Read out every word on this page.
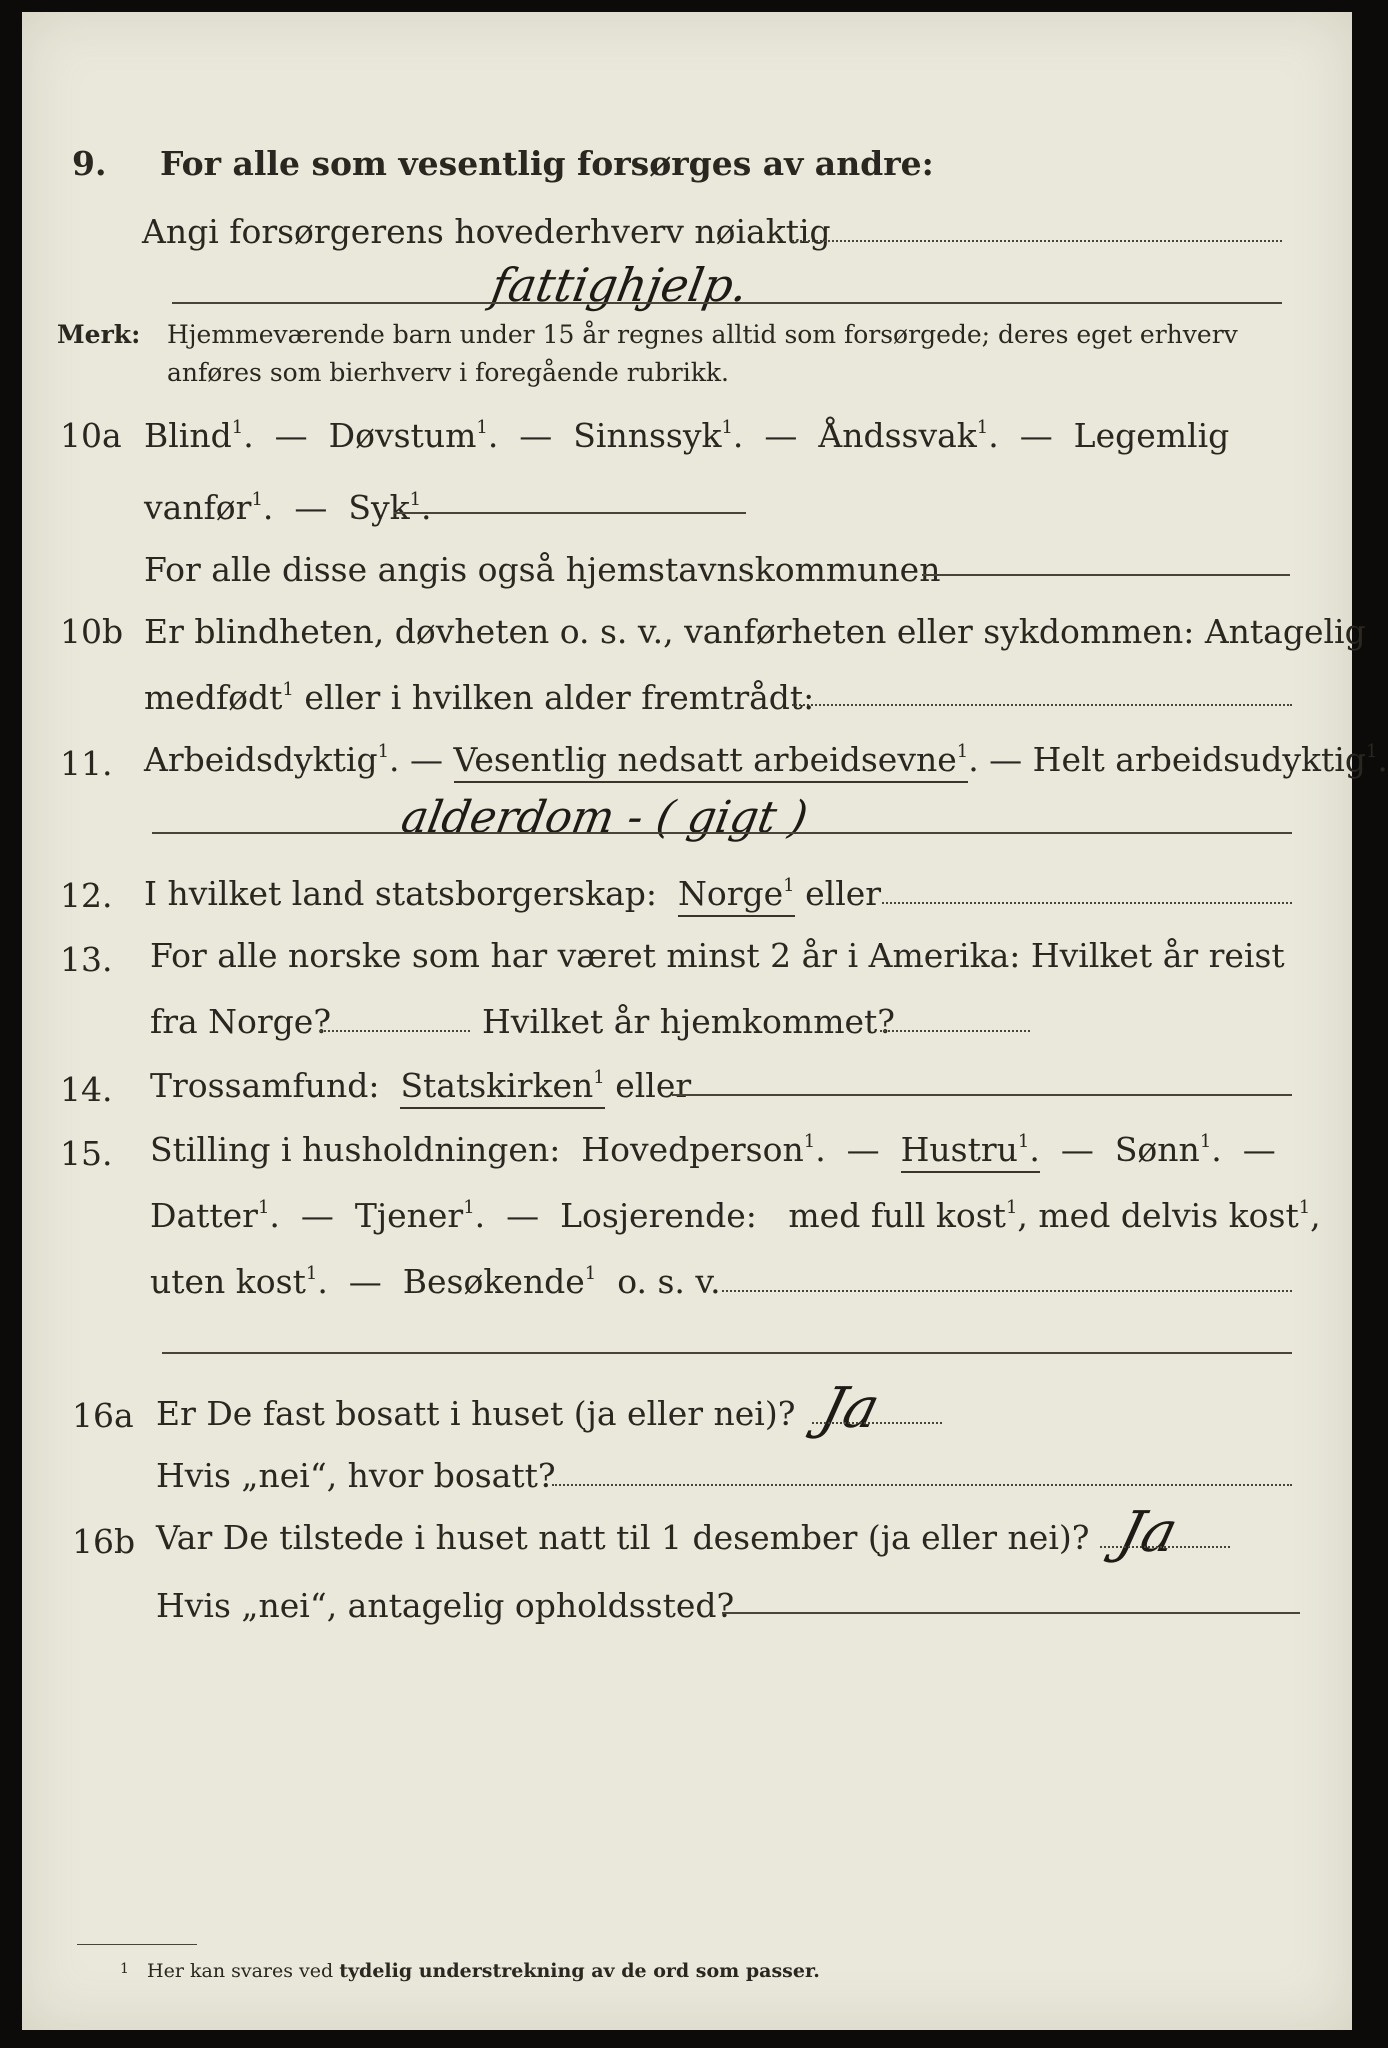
9. For alle som vesentlig forsørges av andre:
Angi forsørgerens hovederhverv nøiaktig
fattighjelp.
Merk: Hjemmeværende barn under 15 år regnes alltid som forsørgede; deres eget erhverv
anføres som bierhverv i foregående rubrikk.
10a Blind$^1$.  —  Døvstum$^1$.  —  Sinnssyk$^1$.  —  Åndssvak$^1$.  —  Legemlig
vanfør$^1$.  —  Syk$^1$.
For alle disse angis også hjemstavnskommunen
10b Er blindheten, døvheten o. s. v., vanførheten eller sykdommen: Antagelig
medfødt$^1$ eller i hvilken alder fremtrådt:
11. Arbeidsdyktig$^1$. — Vesentlig nedsatt arbeidsevne$^1$. — Helt arbeidsudyktig$^1$.
alderdom - ( gigt )
12. I hvilket land statsborgerskap:  Norge$^1$ eller
13. For alle norske som har været minst 2 år i Amerika: Hvilket år reist
fra Norge?	Hvilket år hjemkommet?
14. Trossamfund:  Statskirken$^1$ eller
15. Stilling i husholdningen:  Hovedperson$^1$.  —  Hustru$^1$.  —  Sønn$^1$.  —
Datter$^1$.  —  Tjener$^1$.  —  Losjerende:   med full kost$^1$, med delvis kost$^1$,
uten kost$^1$.  —  Besøkende$^1$  o. s. v.
16a Er De fast bosatt i huset (ja eller nei)? Ja
Hvis „nei“, hvor bosatt?
16b Var De tilstede i huset natt til 1 desember (ja eller nei)? Ja
Hvis „nei“, antagelig opholdssted?
$^1$ Her kan svares ved tydelig understrekning av de ord som passer.
